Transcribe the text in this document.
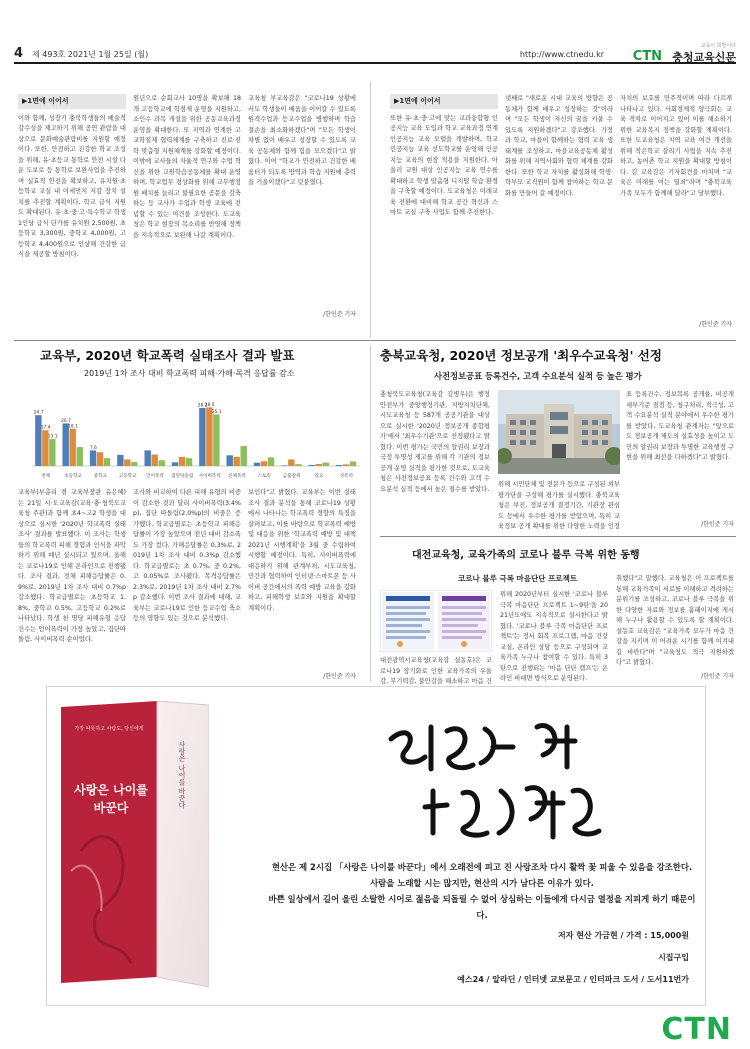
4 제 493호 2021년 1월 25일 (월)	http://www.ctnedu.kr CTN
교육이 희망이다
충청교육신문
▶1면에 이어서

이와 함께, 성장기 충북학생들의 예술적 감수성을 제고하기 위해 공연 관람을 대상으로 문화예술관람비를 지원할 예정이다. 또한, 안전하고 건강한 학교 조성을 위해, 유·초등교 통학로 안전 시설 다운 도보로 등 통학로 보완사업을 추진하며 실효적 안전을 확보하고, 유치원·초등학교 교실 내 미세먼지 저감 장치 설치를 추진할 계획이다. 학교 급식 지원도 확대된다. 유·초·중·고·특수학교 학생 1인당 급식 단가를 유치원 2,500원, 초등학교 3,300원, 중학교 4,000원, 고등학교 4,400원으로 인상해 건강한 급식을 제공할 방침이다.

원년으로 순회교사 10명을 확보해 18개 고등학교에 학점제 운영을 지원하고, 소인수 과목 개설을 위한 공동교육과정 운영을 확대한다. 또 지역과 연계한 고교학점제 협력체계를 구축하고 진로·진학 맞춤형 지원체계를 강화할 예정이다. 이밖에 교사들의 자율적 연구와 수업 혁신을 위한 교원학습공동체를 확대 운영하며, 학교업무 정상화를 위해 교무행정원 배치를 늘리고 불필요한 공문을 감축하는 등 교사가 수업과 학생 교육에 전념할 수 있는 여건을 조성한다. 도교육청은 학교 현장의 목소리를 반영해 정책을 지속적으로 보완해 나갈 계획이다.

교육청 부교육감은 "코로나19 상황에서도 학생들이 배움을 이어갈 수 있도록 원격수업과 등교수업을 병행하며 학습 결손을 최소화하겠다"며 "모든 학생이 차별 없이 배우고 성장할 수 있도록 교육 공동체와 함께 힘을 모으겠다"고 밝혔다. 이어 "학교가 안전하고 건강한 배움터가 되도록 방역과 학습 지원에 총력을 기울이겠다"고 덧붙였다.

/한인준 기자
▶1면에 이어서

또한 유·초·중·고에 맞는 교과융합형 인공지능 교육 도입과 학교 교육과정 연계 인공지능 교육 모델을 개발하며, 학교 인공지능 교육 선도학교를 운영해 인공지능 교육의 현장 적용을 지원한다. 아울러 교원 대상 인공지능 교육 연수를 확대하고 학생 맞춤형 디지털 학습 환경을 구축할 예정이다. 도교육청은 미래교육 전환에 대비해 학교 공간 혁신과 스마트 교실 구축 사업도 함께 추진한다.

넷째로 "새로운 시대 교육의 방향은 공동체가 함께 배우고 성장하는 것"이라며 "모든 학생이 자신의 꿈을 키울 수 있도록 지원하겠다"고 강조했다. 가정과 학교, 마을이 함께하는 협력 교육 생태계를 조성하고, 마을교육공동체 활성화를 위해 지역사회와 협력 체계를 강화한다. 또한 학교 자치를 활성화해 학생·학부모·교직원이 함께 참여하는 학교 문화를 만들어 갈 예정이다.

자치의 보호를 민주적이며 따라 다르게 나타나고 있다. 사회경제적 양극화는 교육 격차로 이어지고 있어 이를 해소하기 위한 교육복지 정책을 강화할 계획이다. 또한 도교육청은 지역 교육 여건 개선을 위해 작은학교 살리기 사업을 지속 추진하고, 농어촌 학교 지원을 확대할 방침이다. 김 교육감은 기자회견을 마치며 "교육은 미래를 여는 열쇠"라며 "충북교육 가족 모두가 함께해 달라"고 당부했다.

/한인준 기자
교육부, 2020년 학교폭력 실태조사 결과 발표
2019년 1차 조사 대비 학교폭력 피해·가해·목격 응답률 감소
전체	초등학교	중학교	고등학교 언어폭력 집단따돌림 사이버폭력 신체폭력	스토킹	금품갈취	강요	성폭력
24.7
20.7
17.4	18.1
13.1
7.6
28.2
28.5
25.1

교육부(부총리 겸 교육부장관 유은혜)는 21일 시·도교육감(교육·충·청북도교육청 주관)과 함께 초4~고2 학생을 대상으로 실시한 '2020년 학교폭력 실태조사' 결과를 발표했다. 이 조사는 학생들의 학교폭력 피해 경험과 인식을 파악하기 위해 매년 실시되고 있으며, 올해는 코로나19로 인해 온라인으로 진행됐다. 조사 결과, 전체 피해응답률은 0.9%로, 2019년 1차 조사 대비 0.7%p 감소했다. 학교급별로는 초등학교 1.8%, 중학교 0.5%, 고등학교 0.2%로 나타났다. 학생 천 명당 피해유형 응답 건수는 언어폭력이 가장 높았고, 집단따돌림, 사이버폭력 순이었다.

조사와 비교하여 다른 피해 유형의 비중이 감소한 것과 달리 사이버폭력(3.4%p), 집단 따돌림(2.0%p)의 비중은 증가했다. 학교급별로는 초등학교 피해응답률이 가장 높았으며 전년 대비 감소폭도 가장 컸다. 가해응답률은 0.3%로, 2019년 1차 조사 대비 0.3%p 감소했다. 학교급별로는 초 0.7%, 중 0.2%, 고 0.05%로 조사됐다. 목격응답률은 2.3%로, 2019년 1차 조사 대비 2.7%p 감소했다. 이번 조사 결과에 대해, 교육부는 코로나19로 인한 등교수업 축소 등의 영향도 있는 것으로 분석했다.

보인다"고 밝혔다. 교육부는 이번 실태조사 결과 분석을 통해 코로나19 상황에서 나타나는 학교폭력 경향의 특징을 살펴보고, 이를 바탕으로 학교폭력 예방 및 대응을 위한 '학교폭력 예방 및 대책 2021년 시행계획'을 3월 중 수립하여 시행할 예정이다. 특히, 사이버폭력에 대응하기 위해 관계부처, 시도교육청, 민간과 협력하여 인터넷·스마트폰 등 사이버 공간에서의 폭력 예방 교육을 강화하고, 피해학생 보호와 지원을 확대할 계획이다.

/한인준 기자
충북교육청, 2020년 정보공개 '최우수교육청' 선정
사전정보공표 등록건수, 고객 수요분석 실적 등 높은 평가

충청북도교육청(교육감 김병우)은 행정안전부가 중앙행정기관, 지방자치단체, 시도교육청 등 587개 공공기관을 대상으로 실시한 '2020년 정보공개 종합평가'에서 '최우수기관'으로 선정됐다고 밝혔다. 이번 평가는 국민의 알권리 보장과 국정 투명성 제고를 위해 각 기관의 정보공개 운영 실적을 평가한 것으로, 도교육청은 사전정보공표 등록 건수와 고객 수요분석 실적 등에서 높은 점수를 받았다.

위해 시민단체 및 전문가 등으로 구성된 외부평가단을 구성해 평가를 실시했다. 충북교육청은 부진, 정보공개 결정기간, 기관장 관심도 등에서 우수한 평가를 받았으며, 특히 교육정보 공개 확대를 위한 다양한 노력을 인정

표 등록건수, 정보목록 공개율, 비공개세부기준 점검 등, 청구처리, 적극성, 고객 수요분석 실적 분야에서 우수한 평가를 받았다. 도교육청 관계자는 "앞으로도 정보공개 제도의 실효성을 높이고 도민의 알권리 보장과 투명한 교육행정 구현을 위해 최선을 다하겠다"고 밝혔다.

/한인준 기자
대전교육청, 교육가족의 코로나 블루 극복 위한 동행
코로나 블루 극복 마음단단 프로젝트

대전광역시교육청(교육감 설동호)은 코로나19 장기화로 인한 교육가족의 우울감, 무기력감, 불안감을 해소하고 마음 건

위해 2020년부터 실시한 '코로나 블루 극복 마음단단 프로젝트 1~9탄'을 2021년도에도 지속적으로 실시한다고 밝혔다. '코로나 블루 극복 마음단단 프로젝트'는 정서 회복 프로그램, 마음 건강 교실, 온라인 상담 등으로 구성되며 교육가족 누구나 참여할 수 있다. 특히 3탄으로 진행되는 '마음 단단 캠프'는 온라인 비대면 방식으로 운영된다.

취했다"고 말했다. 교육청은 이 프로젝트를 통해 교육가족이 서로를 이해하고 격려하는 분위기를 조성하고, 코로나 블루 극복을 위한 다양한 자료와 정보를 홈페이지에 게시해 누구나 활용할 수 있도록 할 계획이다. 설동호 교육감은 "교육가족 모두가 마음 건강을 지키며 이 어려운 시기를 함께 이겨내길 바란다"며 "교육청도 적극 지원하겠다"고 밝혔다.

/한인준 기자
가장 따뜻하고 사람도, 당신에게
사랑은 나이를 바꾼다	사랑은 나이를 바꾼다
현산은 제 2시집 「사랑은 나이를 바꾼다」에서 오래전에 피고 진 사랑조차 다시 활짝 꽃 피울 수 있음을 강조한다.
사람을 노래할 시는 많지만, 현산의 시가 남다른 이유가 있다.
바쁜 일상에서 길어 올린 소탈한 시어로 젊음을 되돌릴 수 없어 상심하는 이들에게 다시금 열정을 지피게 하기 때문이다.
저자 현산 가금현 / 가격 : 15,000원
시집구입
예스24 / 알라딘 / 인터넷 교보문고 / 인터파크 도서 / 도서11번가
CTN
